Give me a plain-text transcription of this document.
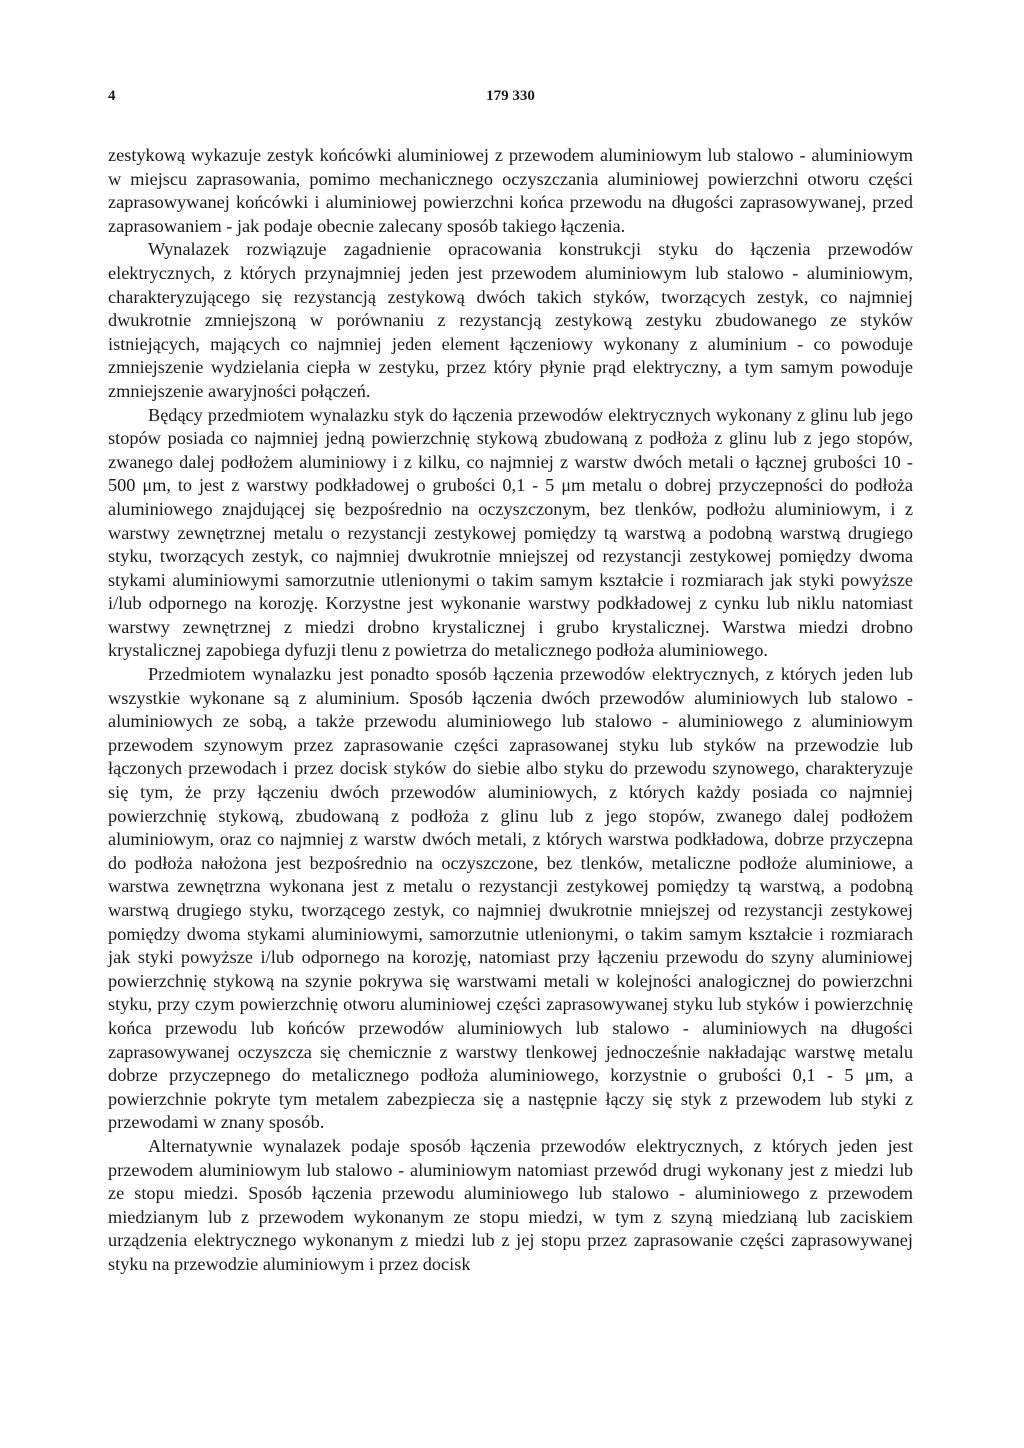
4	179 330

zestykową wykazuje zestyk końcówki aluminiowej z przewodem aluminiowym lub stalowo - aluminiowym w miejscu zaprasowania, pomimo mechanicznego oczyszczania aluminiowej powierzchni otworu części zaprasowywanej końcówki i aluminiowej powierzchni końca przewodu na długości zaprasowywanej, przed zaprasowaniem - jak podaje obecnie zalecany sposób takiego łączenia.

Wynalazek rozwiązuje zagadnienie opracowania konstrukcji styku do łączenia przewodów elektrycznych, z których przynajmniej jeden jest przewodem aluminiowym lub stalowo - aluminiowym, charakteryzującego się rezystancją zestykową dwóch takich styków, tworzących zestyk, co najmniej dwukrotnie zmniejszoną w porównaniu z rezystancją zestykową zestyku zbudowanego ze styków istniejących, mających co najmniej jeden element łączeniowy wykonany z aluminium - co powoduje zmniejszenie wydzielania ciepła w zestyku, przez który płynie prąd elektryczny, a tym samym powoduje zmniejszenie awaryjności połączeń.

Będący przedmiotem wynalazku styk do łączenia przewodów elektrycznych wykonany z glinu lub jego stopów posiada co najmniej jedną powierzchnię stykową zbudowaną z podłoża z glinu lub z jego stopów, zwanego dalej podłożem aluminiowy i z kilku, co najmniej z warstw dwóch metali o łącznej grubości 10 - 500 μm, to jest z warstwy podkładowej o grubości 0,1 - 5 μm metalu o dobrej przyczepności do podłoża aluminiowego znajdującej się bezpośrednio na oczyszczonym, bez tlenków, podłożu aluminiowym, i z warstwy zewnętrznej metalu o rezystancji zestykowej pomiędzy tą warstwą a podobną warstwą drugiego styku, tworzących zestyk, co najmniej dwukrotnie mniejszej od rezystancji zestykowej pomiędzy dwoma stykami aluminiowymi samorzutnie utlenionymi o takim samym kształcie i rozmiarach jak styki powyższe i/lub odpornego na korozję. Korzystne jest wykonanie warstwy podkładowej z cynku lub niklu natomiast warstwy zewnętrznej z miedzi drobno krystalicznej i grubo krystalicznej. Warstwa miedzi drobno krystalicznej zapobiega dyfuzji tlenu z powietrza do metalicznego podłoża aluminiowego.

Przedmiotem wynalazku jest ponadto sposób łączenia przewodów elektrycznych, z których jeden lub wszystkie wykonane są z aluminium. Sposób łączenia dwóch przewodów aluminiowych lub stalowo - aluminiowych ze sobą, a także przewodu aluminiowego lub stalowo - aluminiowego z aluminiowym przewodem szynowym przez zaprasowanie części zaprasowanej styku lub styków na przewodzie lub łączonych przewodach i przez docisk styków do siebie albo styku do przewodu szynowego, charakteryzuje się tym, że przy łączeniu dwóch przewodów aluminiowych, z których każdy posiada co najmniej powierzchnię stykową, zbudowaną z podłoża z glinu lub z jego stopów, zwanego dalej podłożem aluminiowym, oraz co najmniej z warstw dwóch metali, z których warstwa podkładowa, dobrze przyczepna do podłoża nałożona jest bezpośrednio na oczyszczone, bez tlenków, metaliczne podłoże aluminiowe, a warstwa zewnętrzna wykonana jest z metalu o rezystancji zestykowej pomiędzy tą warstwą, a podobną warstwą drugiego styku, tworzącego zestyk, co najmniej dwukrotnie mniejszej od rezystancji zestykowej pomiędzy dwoma stykami aluminiowymi, samorzutnie utlenionymi, o takim samym kształcie i rozmiarach jak styki powyższe i/lub odpornego na korozję, natomiast przy łączeniu przewodu do szyny aluminiowej powierzchnię stykową na szynie pokrywa się warstwami metali w kolejności analogicznej do powierzchni styku, przy czym powierzchnię otworu aluminiowej części zaprasowywanej styku lub styków i powierzchnię końca przewodu lub końców przewodów aluminiowych lub stalowo - aluminiowych na długości zaprasowywanej oczyszcza się chemicznie z warstwy tlenkowej jednocześnie nakładając warstwę metalu dobrze przyczepnego do metalicznego podłoża aluminiowego, korzystnie o grubości 0,1 - 5 μm, a powierzchnie pokryte tym metalem zabezpiecza się a następnie łączy się styk z przewodem lub styki z przewodami w znany sposób.

Alternatywnie wynalazek podaje sposób łączenia przewodów elektrycznych, z których jeden jest przewodem aluminiowym lub stalowo - aluminiowym natomiast przewód drugi wykonany jest z miedzi lub ze stopu miedzi. Sposób łączenia przewodu aluminiowego lub stalowo - aluminiowego z przewodem miedzianym lub z przewodem wykonanym ze stopu miedzi, w tym z szyną miedzianą lub zaciskiem urządzenia elektrycznego wykonanym z miedzi lub z jej stopu przez zaprasowanie części zaprasowywanej styku na przewodzie aluminiowym i przez docisk
